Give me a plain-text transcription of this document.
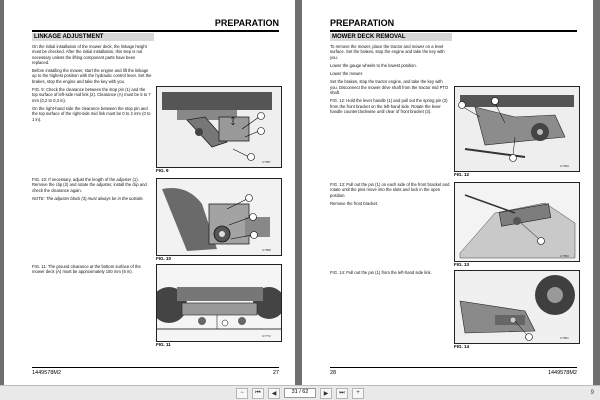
PREPARATION
LINKAGE ADJUSTMENT

On the initial installation of the mower deck, the linkage height must be checked. After the initial installation, this step is not necessary unless the lifting component parts have been replaced.

Before installing the mower, start the engine and lift the linkage up to the highest position with the hydraulic control lever. Set the brakes, stop the engine and take the key with you.

FIG. 9: Check the clearance between the stop pin (1) and the top surface of left-side mid link (2). Clearance (A) must be 5 to 7 mm (0,2 to 0,3 in).

On the right-hand side the clearance between the stop pin and the top surface of the right-side mid link must be 0 to 2 mm (0 to 1 in).

FIG. 9
C7857

FIG. 10: If necessary, adjust the length of the adjuster (1). Remove the clip (2) and rotate the adjuster, install the clip and check the clearance again.

NOTE: The adjuster block (3) must always be in the outside.

FIG. 10
C7858

FIG. 11: The ground clearance at the bottom surface of the mower deck (A) must be approximately 150 mm (6 in).

FIG. 11
C7772
1449578M2	27
PREPARATION
MOWER DECK REMOVAL

To remove the mower, place the tractor and mower on a level surface. Set the brakes, stop the engine and take the key with you.

Lower the gauge wheels to the lowest position.

Lower the mower.

Set the brakes, stop the tractor engine, and take the key with you. Disconnect the mower drive shaft from the tractor mid PTO shaft.

FIG. 12: Hold the lever handle (1) and pull out the spring pin (2) from the front bracket on the left-hand side. Rotate the lever handle counterclockwise until clear of front bracket (3).

FIG. 12
C7849

FIG. 13: Pull out the pin (1) on each side of the front bracket and rotate until the pins move into the slots and lock in the open position.

Remove the front bracket.

FIG. 13
C7850

FIG. 14: Pull out the pin (1) from the left-hand side link.

FIG. 14
C7851
28	1449578M2
−	⏮	◀	31 / 62	▶	⏭	+	9
